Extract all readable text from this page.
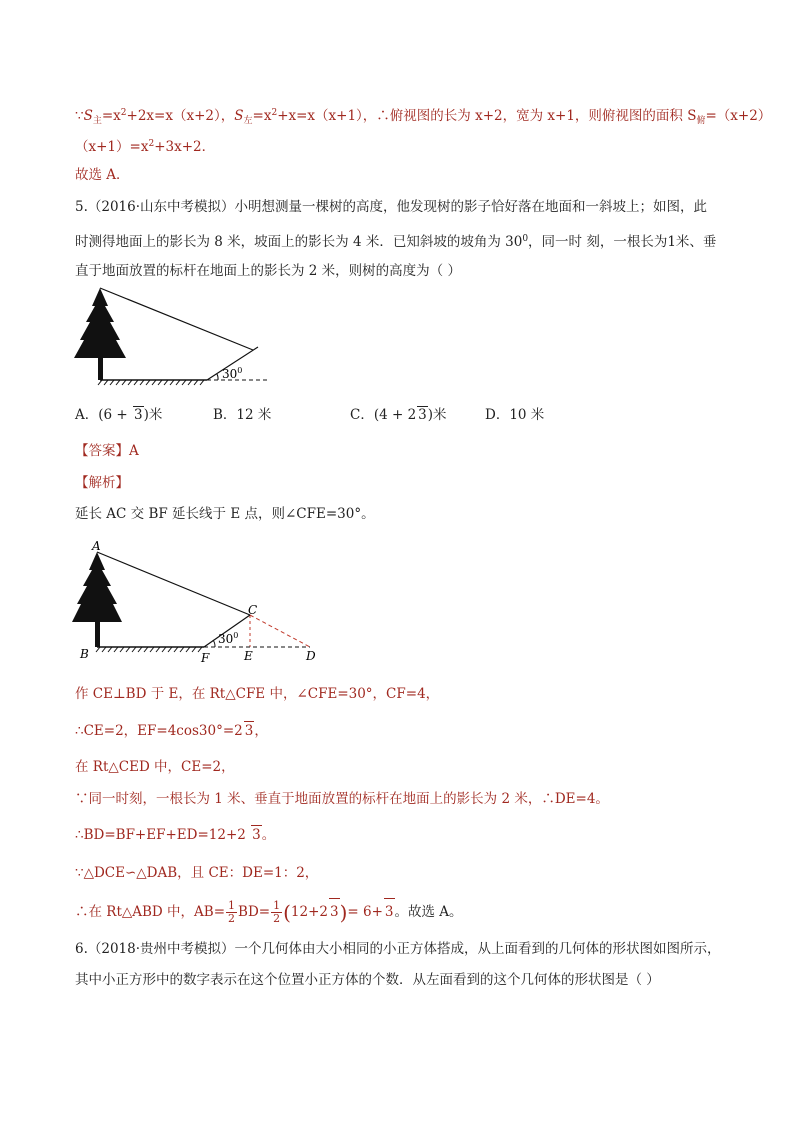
$\because S_主=x^2+2x=x(x+2)$，$S_左=x^2+x=x(x+1)$，∴俯视图的长为 x+2，宽为 x+1，则俯视图的面积 $S_俯=(x+2)$
$(x+1)=x^2+3x+2$．
故选 A．
5.（2016·山东中考模拟）小明想测量一棵树的高度，他发现树的影子恰好落在地面和一斜坡上；如图，此
时测得地面上的影长为 8 米，坡面上的影长为 4 米．已知斜坡的坡角为 $30^0$，同一时 刻，一根长为1米、垂
直于地面放置的标杆在地面上的影长为 2 米，则树的高度为（ ）
$30^0$
A．(6 + 3)米	B．12 米	C．(4 + 2 3)米	D．10 米
【答案】A
【解析】
延长 AC 交 BF 延长线于 E 点，则∠CFE=30°。
$30^0$
A
B
C
D
E
F
作 CE⊥BD 于 E，在 Rt△CFE 中，∠CFE=30°，CF=4，
∴CE=2，EF=4cos30°=2 3，
在 Rt△CED 中，CE=2，
∵同一时刻，一根长为 1 米、垂直于地面放置的标杆在地面上的影长为 2 米，∴DE=4。
∴BD=BF+EF+ED=12+2 3。
∵△DCE∽△DAB，且 CE：DE=1：2，
∴在 Rt△ABD 中，$AB= \frac{1}{2} BD= \frac{1}{2} (12+2$ 3)= 6+ 3。故选 A。
6.（2018·贵州中考模拟）一个几何体由大小相同的小正方体搭成，从上面看到的几何体的形状图如图所示，
其中小正方形中的数字表示在这个位置小正方体的个数．从左面看到的这个几何体的形状图是（ ）
